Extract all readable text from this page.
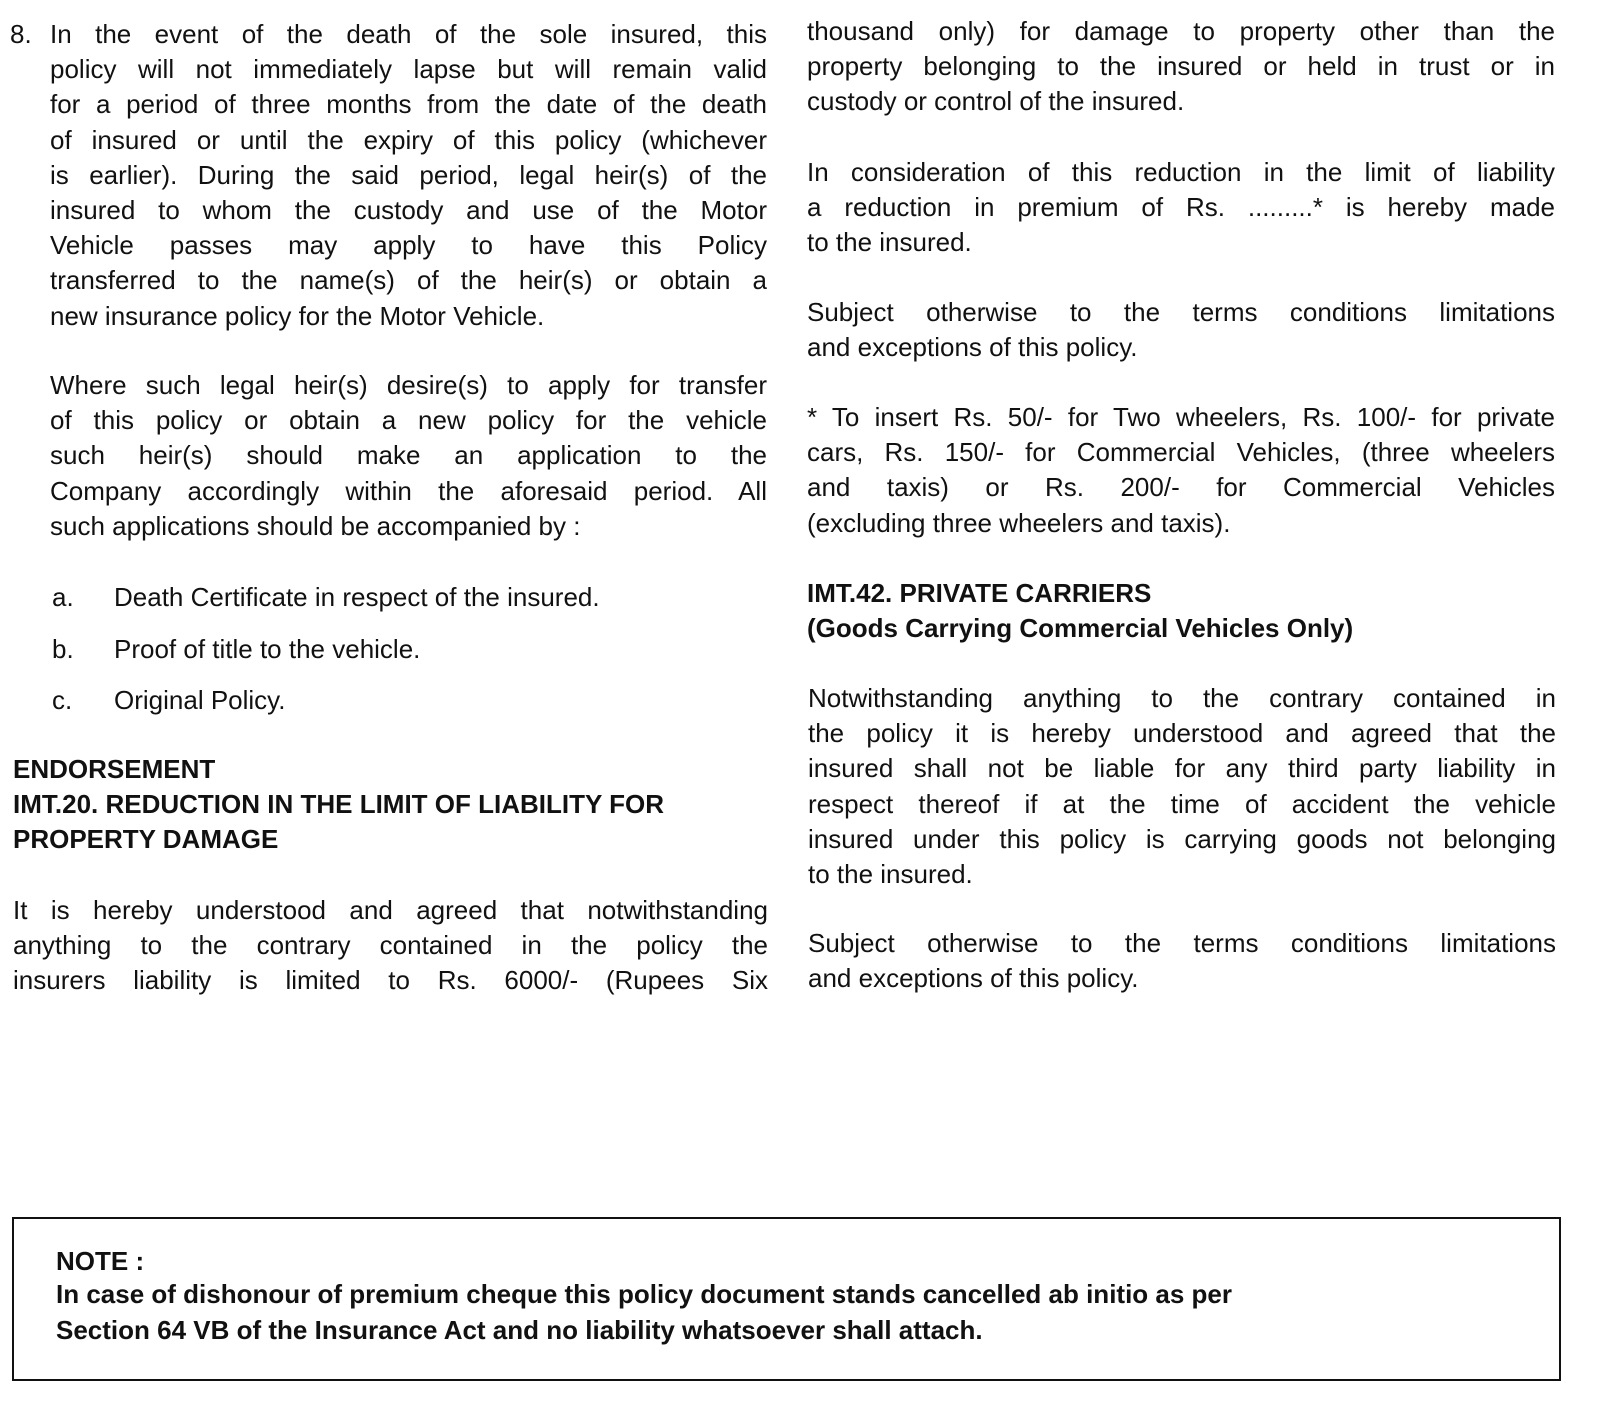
8. In the event of the death of the sole insured, this
policy will not immediately lapse but will remain valid
for a period of three months from the date of the death
of insured or until the expiry of this policy (whichever
is earlier). During the said period, legal heir(s) of the
insured to whom the custody and use of the Motor
Vehicle passes may apply to have this Policy
transferred to the name(s) of the heir(s) or obtain a
new insurance policy for the Motor Vehicle.
Where such legal heir(s) desire(s) to apply for transfer
of this policy or obtain a new policy for the vehicle
such heir(s) should make an application to the
Company accordingly within the aforesaid period. All
such applications should be accompanied by :
a. Death Certificate in respect of the insured.
b. Proof of title to the vehicle.
c. Original Policy.
ENDORSEMENT
IMT.20. REDUCTION IN THE LIMIT OF LIABILITY FOR
PROPERTY DAMAGE
It is hereby understood and agreed that notwithstanding
anything to the contrary contained in the policy the
insurers liability is limited to Rs. 6000/- (Rupees Six
thousand only) for damage to property other than the
property belonging to the insured or held in trust or in
custody or control of the insured.
In consideration of this reduction in the limit of liability
a reduction in premium of Rs. .........* is hereby made
to the insured.
Subject otherwise to the terms conditions limitations
and exceptions of this policy.
* To insert Rs. 50/- for Two wheelers, Rs. 100/- for private
cars, Rs. 150/- for Commercial Vehicles, (three wheelers
and taxis) or Rs. 200/- for Commercial Vehicles
(excluding three wheelers and taxis).
IMT.42. PRIVATE CARRIERS
(Goods Carrying Commercial Vehicles Only)
Notwithstanding anything to the contrary contained in
the policy it is hereby understood and agreed that the
insured shall not be liable for any third party liability in
respect thereof if at the time of accident the vehicle
insured under this policy is carrying goods not belonging
to the insured.
Subject otherwise to the terms conditions limitations
and exceptions of this policy.
NOTE :
In case of dishonour of premium cheque this policy document stands cancelled ab initio as per
Section 64 VB of the Insurance Act and no liability whatsoever shall attach.
